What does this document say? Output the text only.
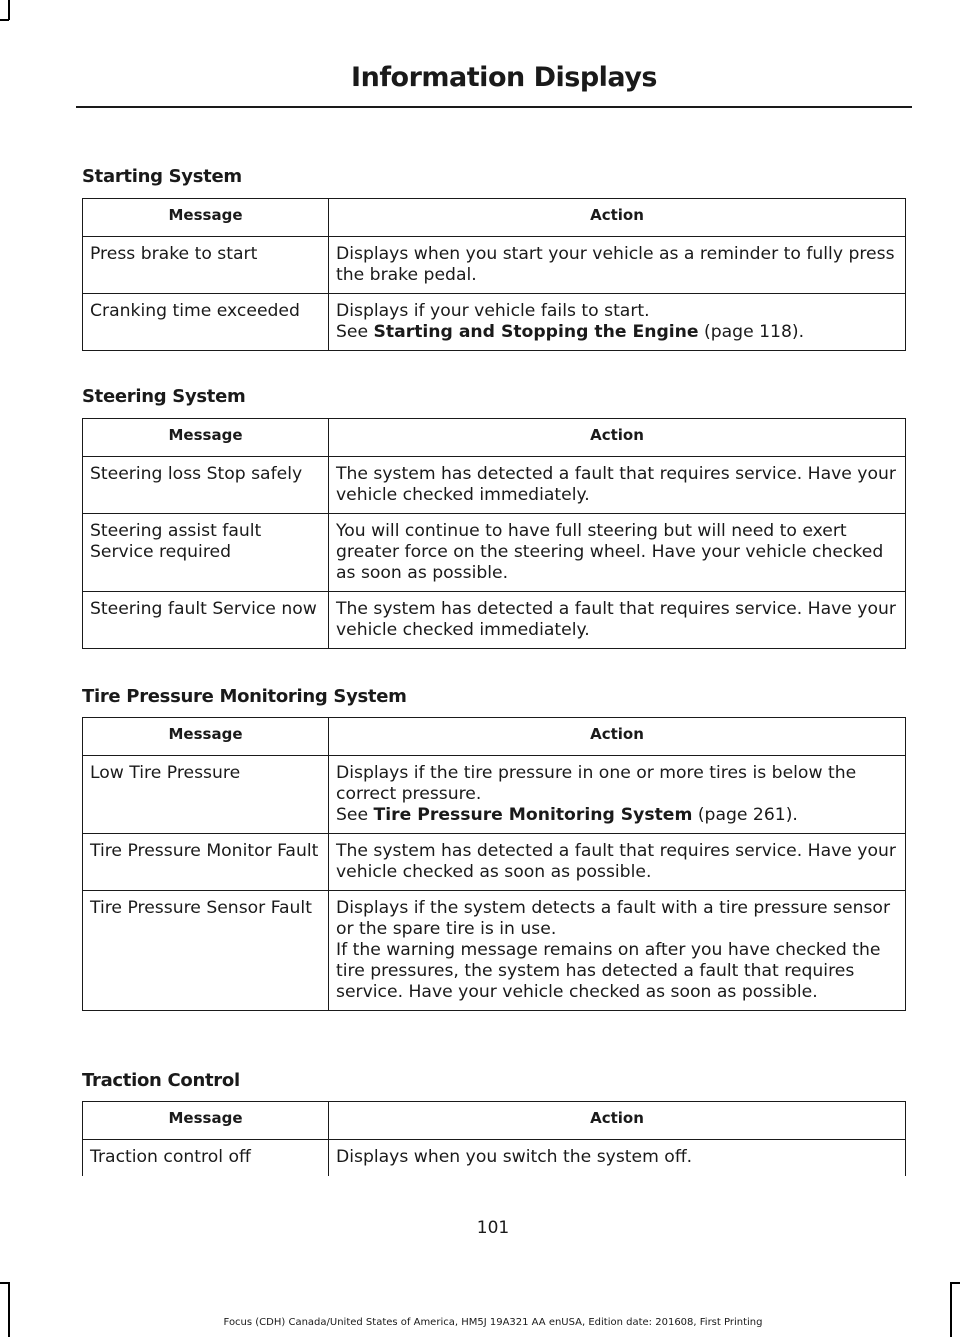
Information Displays
Starting System
Message	Action
Press brake to start	Displays when you start your vehicle as a reminder to fully press the brake pedal.
Cranking time exceeded	Displays if your vehicle fails to start.
See Starting and Stopping the Engine (page 118).
Steering System
Message	Action
Steering loss Stop safely	The system has detected a fault that requires service. Have your vehicle checked immediately.
Steering assist fault Service required	You will continue to have full steering but will need to exert greater force on the steering wheel. Have your vehicle checked as soon as possible.
Steering fault Service now	The system has detected a fault that requires service. Have your vehicle checked immediately.
Tire Pressure Monitoring System
Message	Action
Low Tire Pressure	Displays if the tire pressure in one or more tires is below the correct pressure.
See Tire Pressure Monitoring System (page 261).

Tire Pressure Monitor Fault	The system has detected a fault that requires service. Have your vehicle checked as soon as possible.
Tire Pressure Sensor Fault	Displays if the system detects a fault with a tire pressure sensor or the spare tire is in use.
If the warning message remains on after you have checked the tire pressures, the system has detected a fault that requires service. Have your vehicle checked as soon as possible.
Traction Control
Message	Action
Traction control off	Displays when you switch the system off.
101
Focus (CDH) Canada/United States of America, HM5J 19A321 AA enUSA, Edition date: 201608, First Printing
